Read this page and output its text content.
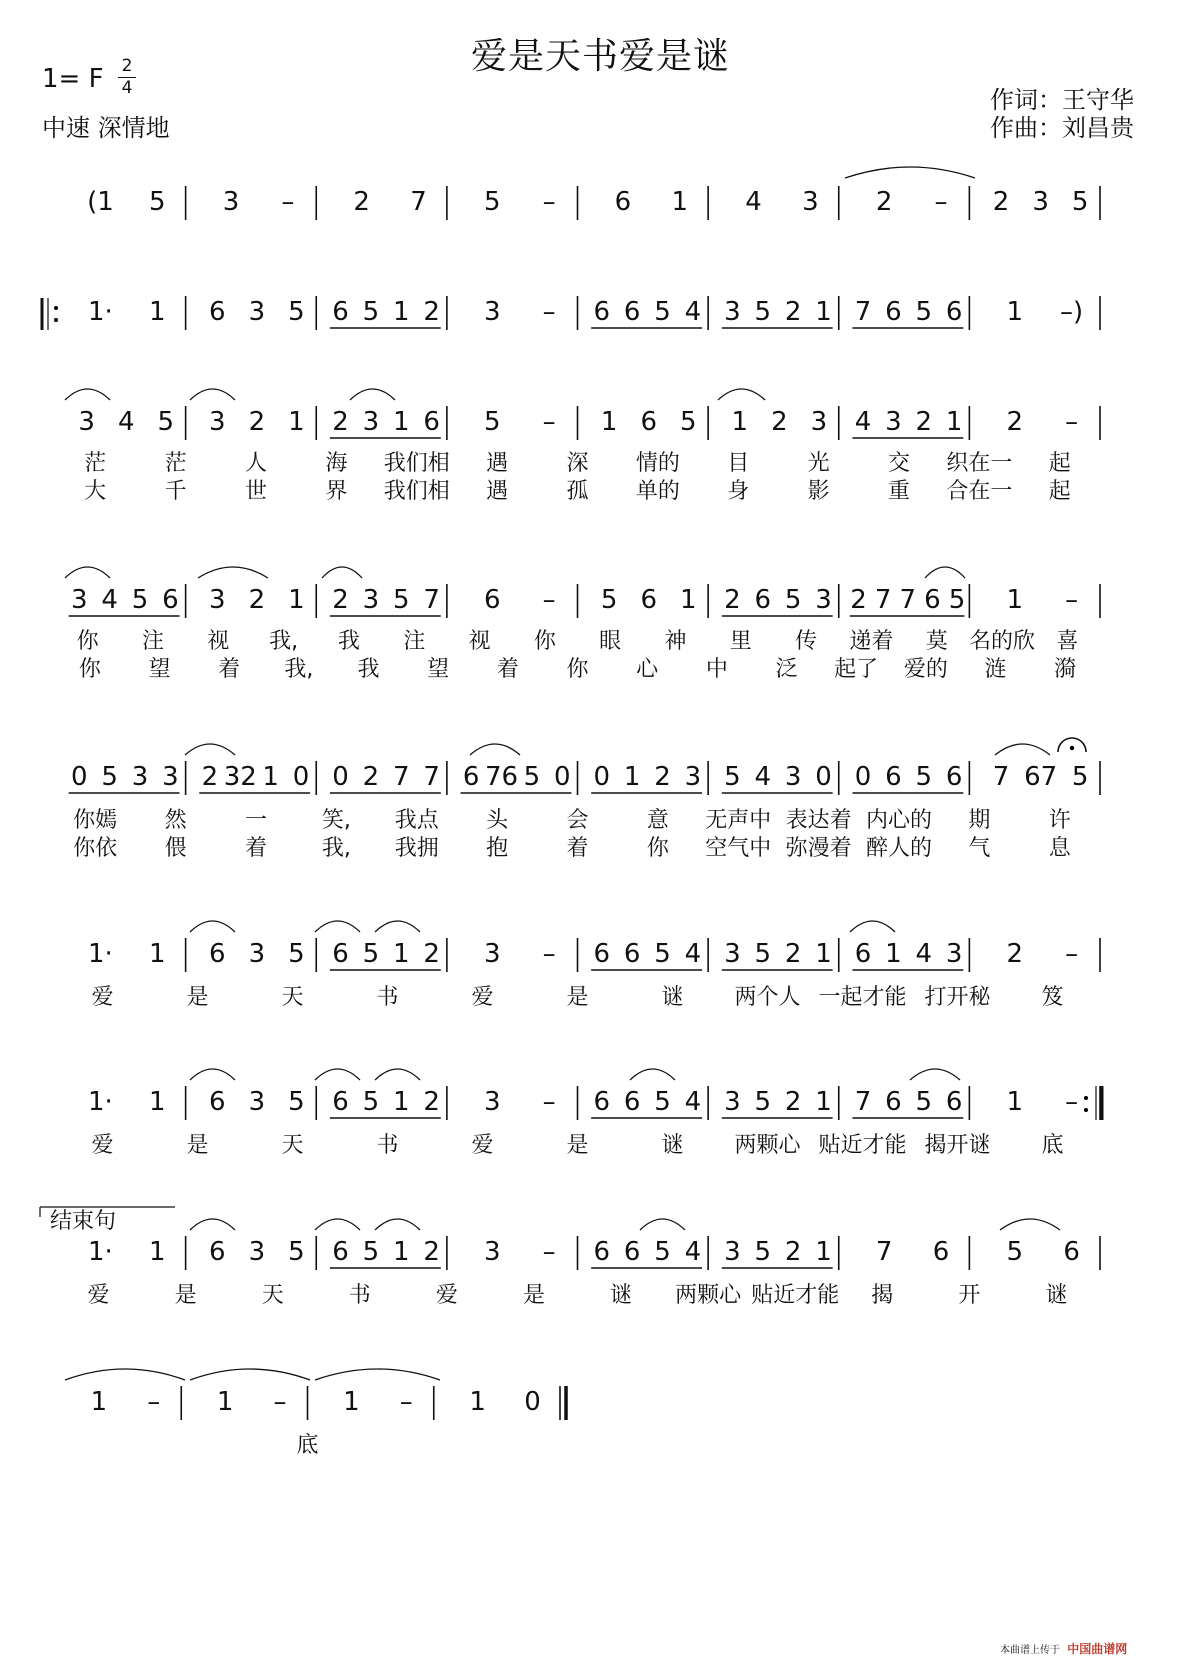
爱是天书爱是谜
1= F 2
4
中速 深情地
作词：王守华
作曲：刘昌贵
(1 5 3 – 2 7 5 – 6 1 4 3 2 – 2 3 5
1· 1 6 3 5 6 5 1 2 3 – 6 6 5 4 3 5 2 1 7 6 5 6 1 –)
3 4 5 3 2 1 2 3 1 6 5 – 1 6 5 1 2 3 4 3 2 1 2 –
茫	茫	人	海 我们相 遇	深 情的 目	光	交 织在一 起
大	千	世	界 我们相 遇	孤 单的 身	影	重 合在一 起
3 4 5 6 3 2 1 2 3 5 7 6 – 5 6 1 2 6 5 3 2 7 7 6 5 1 –
你 注 视 我, 我 注 视 你 眼 神 里 传 递着 莫 名的欣 喜
你 望 着 我, 我 望 着 你 心 中 泛 起了 爱的 涟 漪
0 5 3 3 2 32 1 0 0 2 7 7 6 76 5 0 0 1 2 3 5 4 3 0 0 6 5 6 7 67 5
你嫣 然	一 笑, 我点 头	会	意 无声中 表达着 内心的 期	许
你依 偎	着 我, 我拥 抱	着	你 空气中 弥漫着 醉人的 气	息
1· 1 6 3 5 6 5 1 2 3 – 6 6 5 4 3 5 2 1 6 1 4 3 2 –
爱	是	天	书	爱	是	谜 两个人 一起才能 打开秘 笈
1· 1 6 3 5 6 5 1 2 3 – 6 6 5 4 3 5 2 1 7 6 5 6 1 –
爱	是	天	书	爱	是	谜 两颗心 贴近才能 揭开谜 底
1· 1 6 3 5 6 5 1 2 3 – 6 6 5 4 3 5 2 1 7 6 5 6
爱	是	天	书	爱	是	谜 两颗心 贴近才能 揭	开	谜
1 – 1 – 1 – 1 0
底
结束句
本曲谱上传于 中国曲谱网
